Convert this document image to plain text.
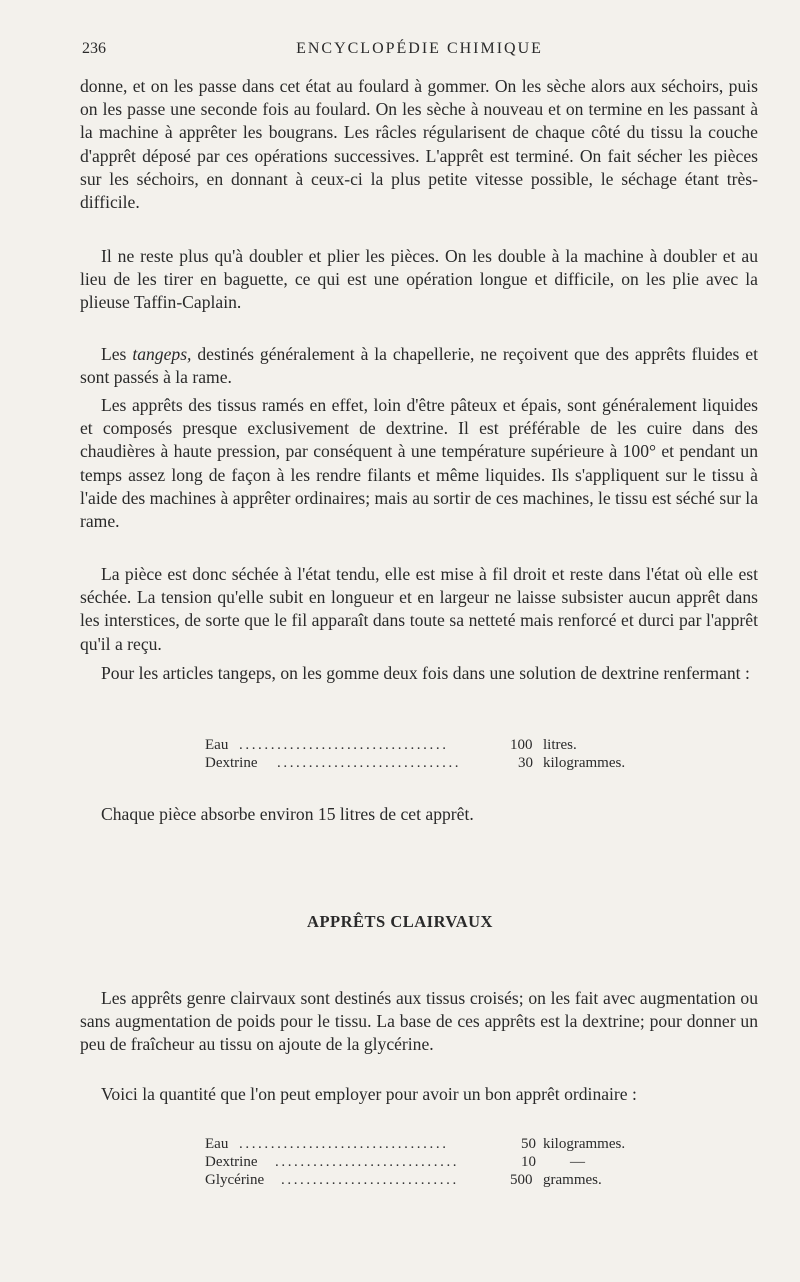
236	ENCYCLOPÉDIE CHIMIQUE

donne, et on les passe dans cet état au foulard à gommer. On les sèche alors aux séchoirs, puis on les passe une seconde fois au foulard. On les sèche à nouveau et on termine en les passant à la machine à apprêter les bougrans. Les râcles régularisent de chaque côté du tissu la couche d'apprêt déposé par ces opérations successives. L'apprêt est terminé. On fait sécher les pièces sur les séchoirs, en donnant à ceux-ci la plus petite vitesse possible, le séchage étant très-difficile.

Il ne reste plus qu'à doubler et plier les pièces. On les double à la machine à doubler et au lieu de les tirer en baguette, ce qui est une opération longue et difficile, on les plie avec la plieuse Taffin-Caplain.

Les tangeps, destinés généralement à la chapellerie, ne reçoivent que des apprêts fluides et sont passés à la rame.

Les apprêts des tissus ramés en effet, loin d'être pâteux et épais, sont généralement liquides et composés presque exclusivement de dextrine. Il est préférable de les cuire dans des chaudières à haute pression, par conséquent à une température supérieure à 100° et pendant un temps assez long de façon à les rendre filants et même liquides. Ils s'appliquent sur le tissu à l'aide des machines à apprêter ordinaires; mais au sortir de ces machines, le tissu est séché sur la rame.

La pièce est donc séchée à l'état tendu, elle est mise à fil droit et reste dans l'état où elle est séchée. La tension qu'elle subit en longueur et en largeur ne laisse subsister aucun apprêt dans les interstices, de sorte que le fil apparaît dans toute sa netteté mais renforcé et durci par l'apprêt qu'il a reçu.

Pour les articles tangeps, on les gomme deux fois dans une solution de dextrine renfermant :

Eau .................................	100 litres.
Dextrine .............................	30 kilogrammes.

Chaque pièce absorbe environ 15 litres de cet apprêt.

APPRÊTS CLAIRVAUX

Les apprêts genre clairvaux sont destinés aux tissus croisés; on les fait avec augmentation ou sans augmentation de poids pour le tissu. La base de ces apprêts est la dextrine; pour donner un peu de fraîcheur au tissu on ajoute de la glycérine.

Voici la quantité que l'on peut employer pour avoir un bon apprêt ordinaire :

Eau .................................	50 kilogrammes.
Dextrine .............................	10 —
Glycérine ............................	500 grammes.
